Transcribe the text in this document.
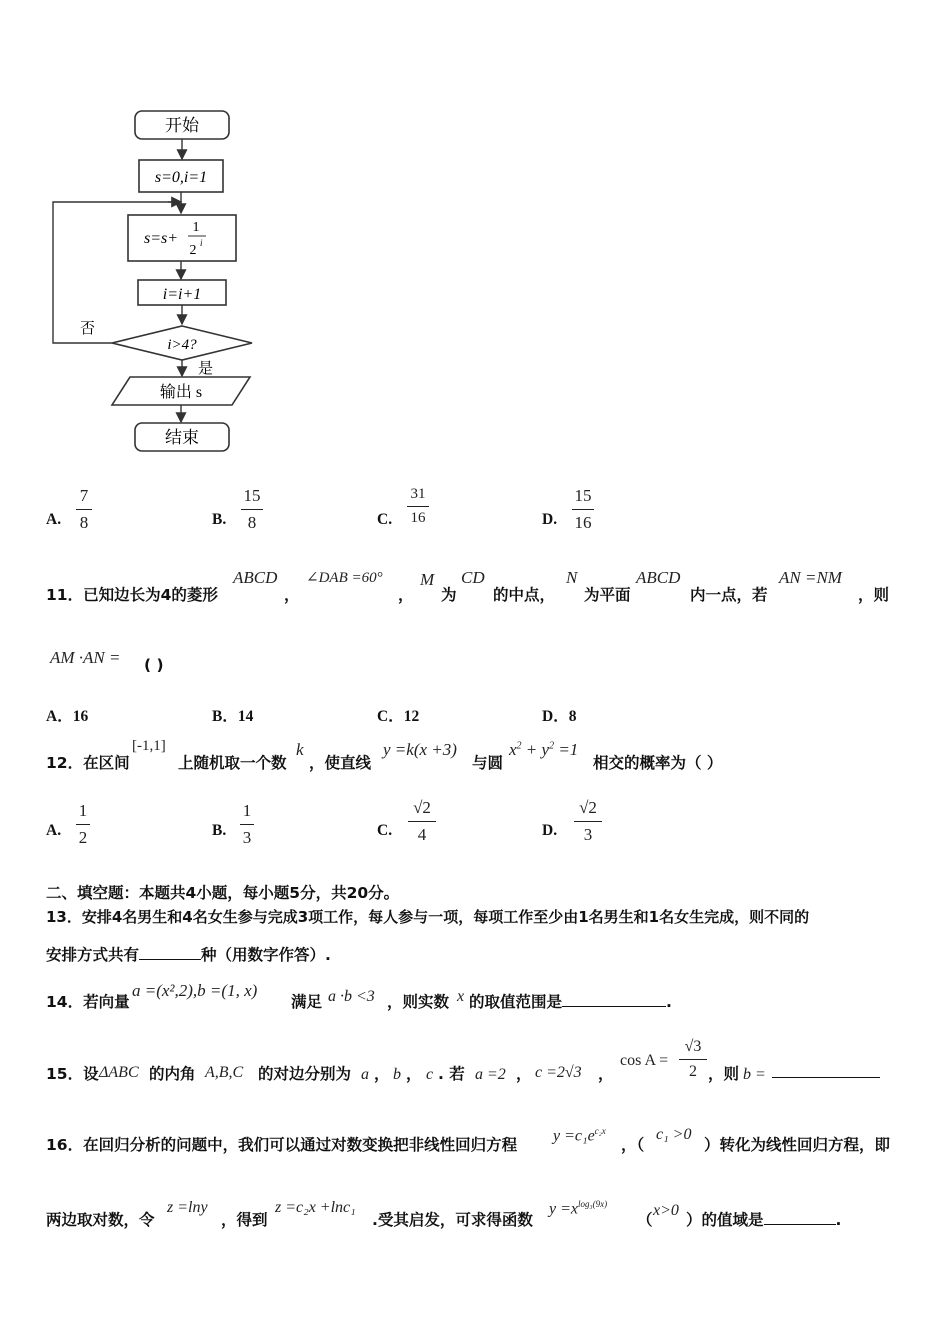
开始
s=0,i=1
s=s+
1
2 i
i=i+1
i>4?
否
是
输出 s
结束
A.
7
8	B.
15
8	C.
31
16	D.
15
16
11．已知边长为4的菱形
ABCD
，
∠DAB =60°
，
M
为
CD
的中点，
N
为平面
ABCD
内一点，若
AN =NM
，则
AM ·AN = ( )
A．16	B．14	C．12	D．8
12．在区间
[-1,1]
上随机取一个数
k
，使直线
y =k(x +3)
与圆
$x^2 + y^2 =1$
相交的概率为（ ）
A.
1
2	B.
1
3	C.
√2
4	D.
√2
3
二、填空题：本题共4小题，每小题5分，共20分。
13．安排4名男生和4名女生参与完成3项工作，每人参与一项，每项工作至少由1名男生和1名女生完成，则不同的
安排方式共有	种（用数字作答）.
14．若向量
a =(x²,2),b =(1, x)
满足 a ·b <3 ，则实数 x 的取值范围是	.
15．设 ΔABC 的内角 A,B,C 的对边分别为 a ， b ， c . 若 a =2 ， c =2√3 ，
cos A =
√3
2 ，则 b =
16．在回归分析的问题中，我们可以通过对数变换把非线性回归方程
$y =c_1e^{c_2x}$
，（
c₁ >0
）转化为线性回归方程，即
两边取对数，令
z =lny
，得到
z =c₂x +lnc₁
.受其启发，可求得函数
$y =x^{log_3(9x)}$
（
x>0
）的值域是	.
